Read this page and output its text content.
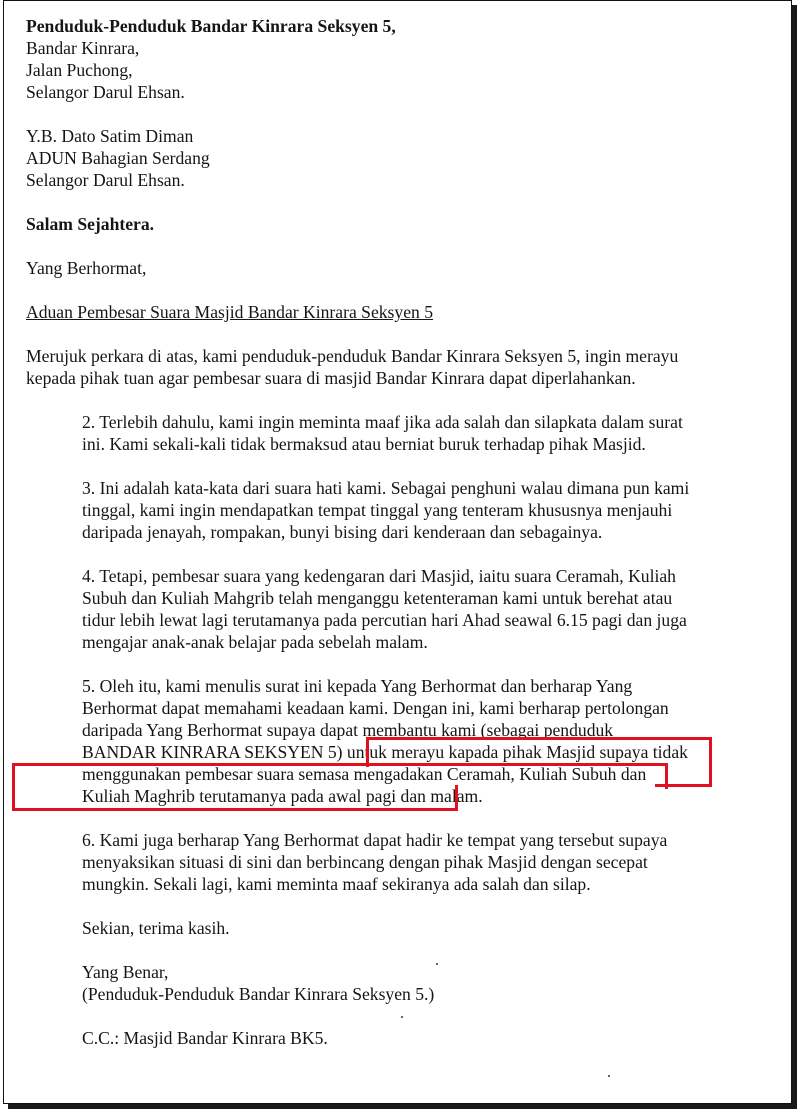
Penduduk-Penduduk Bandar Kinrara Seksyen 5,
Bandar Kinrara,
Jalan Puchong,
Selangor Darul Ehsan.
Y.B. Dato Satim Diman
ADUN Bahagian Serdang
Selangor Darul Ehsan.
Salam Sejahtera.
Yang Berhormat,
Aduan Pembesar Suara Masjid Bandar Kinrara Seksyen 5
Merujuk perkara di atas, kami penduduk-penduduk Bandar Kinrara Seksyen 5, ingin merayu
kepada pihak tuan agar pembesar suara di masjid Bandar Kinrara dapat diperlahankan.
2. Terlebih dahulu, kami ingin meminta maaf jika ada salah dan silapkata dalam surat
ini. Kami sekali-kali tidak bermaksud atau berniat buruk terhadap pihak Masjid.
3. Ini adalah kata-kata dari suara hati kami. Sebagai penghuni walau dimana pun kami
tinggal, kami ingin mendapatkan tempat tinggal yang tenteram khususnya menjauhi
daripada jenayah, rompakan, bunyi bising dari kenderaan dan sebagainya.
4. Tetapi, pembesar suara yang kedengaran dari Masjid, iaitu suara Ceramah, Kuliah
Subuh dan Kuliah Mahgrib telah menganggu ketenteraman kami untuk berehat atau
tidur lebih lewat lagi terutamanya pada percutian hari Ahad seawal 6.15 pagi dan juga
mengajar anak-anak belajar pada sebelah malam.
5. Oleh itu, kami menulis surat ini kepada Yang Berhormat dan berharap Yang
Berhormat dapat memahami keadaan kami. Dengan ini, kami berharap pertolongan
daripada Yang Berhormat supaya dapat membantu kami (sebagai penduduk
BANDAR KINRARA SEKSYEN 5) untuk merayu kapada pihak Masjid supaya tidak
menggunakan pembesar suara semasa mengadakan Ceramah, Kuliah Subuh dan
Kuliah Maghrib terutamanya pada awal pagi dan malam.
6. Kami juga berharap Yang Berhormat dapat hadir ke tempat yang tersebut supaya
menyaksikan situasi di sini dan berbincang dengan pihak Masjid dengan secepat
mungkin. Sekali lagi, kami meminta maaf sekiranya ada salah dan silap.
Sekian, terima kasih.
Yang Benar,
(Penduduk-Penduduk Bandar Kinrara Seksyen 5.)
C.C.: Masjid Bandar Kinrara BK5.
